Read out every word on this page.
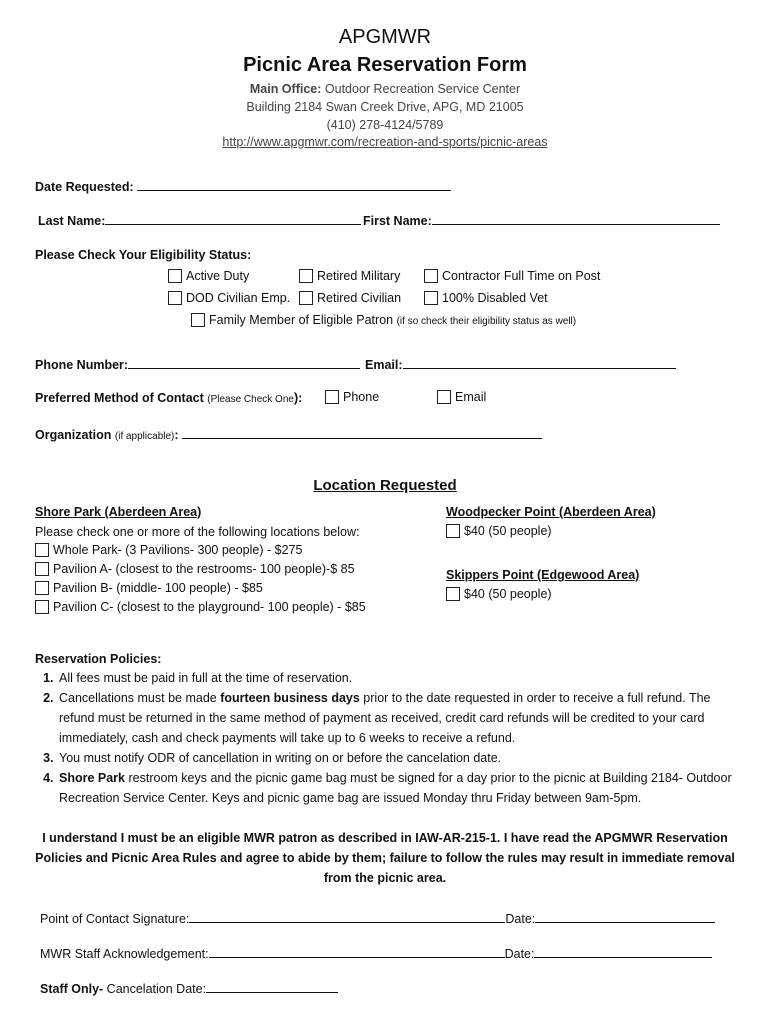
APGMWR
Picnic Area Reservation Form
Main Office: Outdoor Recreation Service Center
Building 2184 Swan Creek Drive, APG, MD 21005
(410) 278-4124/5789
http://www.apgmwr.com/recreation-and-sports/picnic-areas
Date Requested:
Last Name:	First Name:
Please Check Your Eligibility Status:
Active Duty	Retired Military	Contractor Full Time on Post
DOD Civilian Emp.	Retired Civilian	100% Disabled Vet
Family Member of Eligible Patron (if so check their eligibility status as well)
Phone Number:	Email:
Preferred Method of Contact (Please Check One):	Phone	Email
Organization (if applicable):
Location Requested
Shore Park (Aberdeen Area)
Please check one or more of the following locations below:
Whole Park- (3 Pavilions- 300 people) - $275
Pavilion A- (closest to the restrooms- 100 people)-$ 85
Pavilion B- (middle- 100 people) - $85
Pavilion C- (closest to the playground- 100 people) - $85
Woodpecker Point (Aberdeen Area)
$40 (50 people)
Skippers Point (Edgewood Area)
$40 (50 people)
Reservation Policies:
1. All fees must be paid in full at the time of reservation.
2. Cancellations must be made fourteen business days prior to the date requested in order to receive a full refund. The refund must be returned in the same method of payment as received, credit card refunds will be credited to your card immediately, cash and check payments will take up to 6 weeks to receive a refund.
3. You must notify ODR of cancellation in writing on or before the cancelation date.
4. Shore Park restroom keys and the picnic game bag must be signed for a day prior to the picnic at Building 2184- Outdoor Recreation Service Center. Keys and picnic game bag are issued Monday thru Friday between 9am-5pm.
I understand I must be an eligible MWR patron as described in IAW-AR-215-1. I have read the APGMWR Reservation
Policies and Picnic Area Rules and agree to abide by them; failure to follow the rules may result in immediate removal
from the picnic area.
Point of Contact Signature:	Date:
MWR Staff Acknowledgement:	Date:
Staff Only- Cancelation Date:
